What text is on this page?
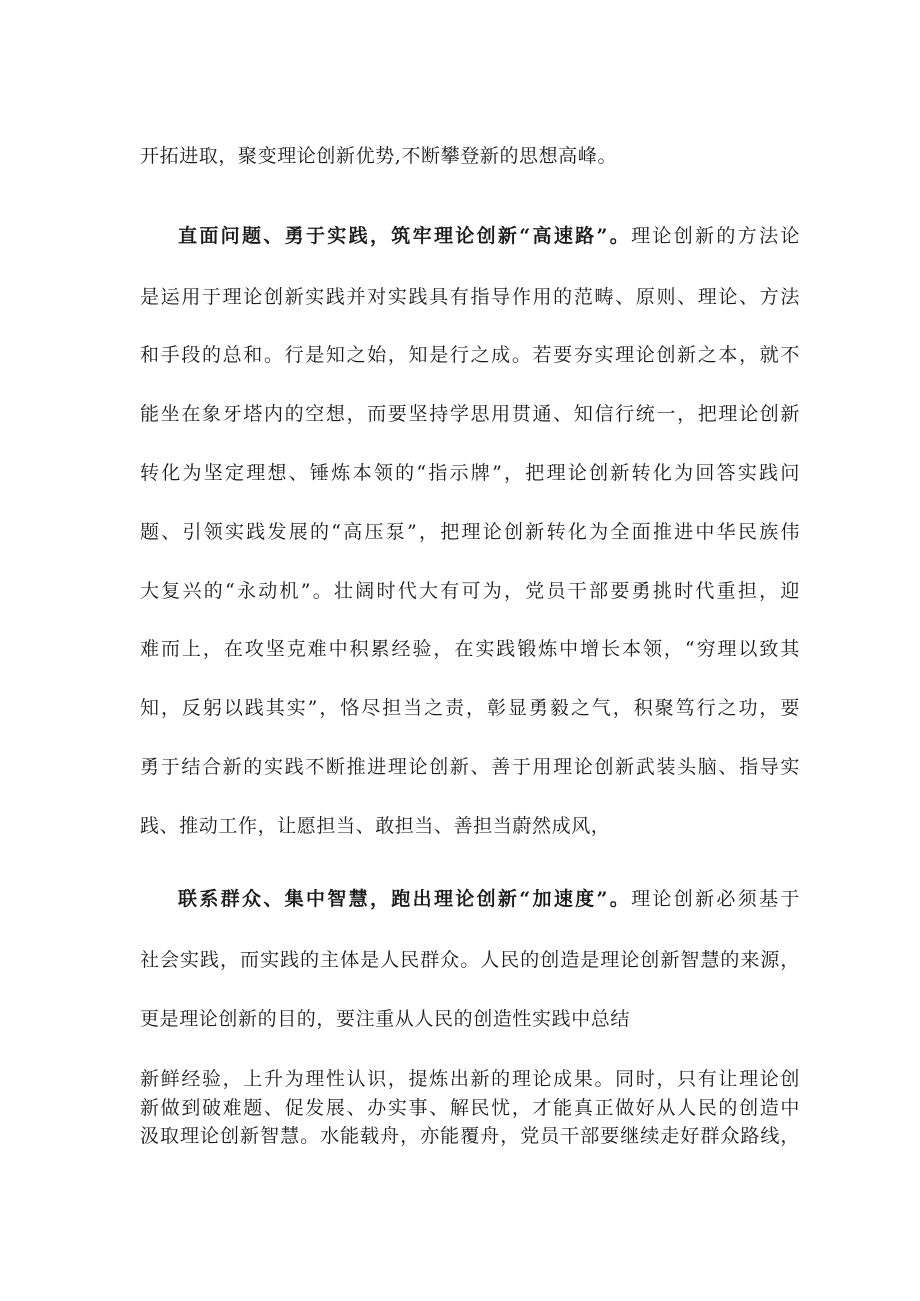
开拓进取，聚变理论创新优势,不断攀登新的思想高峰。
直面问题、勇于实践，筑牢理论创新“高速路”。理论创新的方法论
是运用于理论创新实践并对实践具有指导作用的范畴、原则、理论、方法
和手段的总和。行是知之始，知是行之成。若要夯实理论创新之本，就不
能坐在象牙塔内的空想，而要坚持学思用贯通、知信行统一，把理论创新
转化为坚定理想、锤炼本领的“指示牌”，把理论创新转化为回答实践问
题、引领实践发展的“高压泵”，把理论创新转化为全面推进中华民族伟
大复兴的“永动机”。壮阔时代大有可为，党员干部要勇挑时代重担，迎
难而上，在攻坚克难中积累经验，在实践锻炼中增长本领，“穷理以致其
知，反躬以践其实”，恪尽担当之责，彰显勇毅之气，积聚笃行之功，要
勇于结合新的实践不断推进理论创新、善于用理论创新武装头脑、指导实
践、推动工作，让愿担当、敢担当、善担当蔚然成风，
联系群众、集中智慧，跑出理论创新“加速度”。理论创新必须基于
社会实践，而实践的主体是人民群众。人民的创造是理论创新智慧的来源，
更是理论创新的目的，要注重从人民的创造性实践中总结
新鲜经验，上升为理性认识，提炼出新的理论成果。同时，只有让理论创
新做到破难题、促发展、办实事、解民忧，才能真正做好从人民的创造中
汲取理论创新智慧。水能载舟，亦能覆舟，党员干部要继续走好群众路线，
